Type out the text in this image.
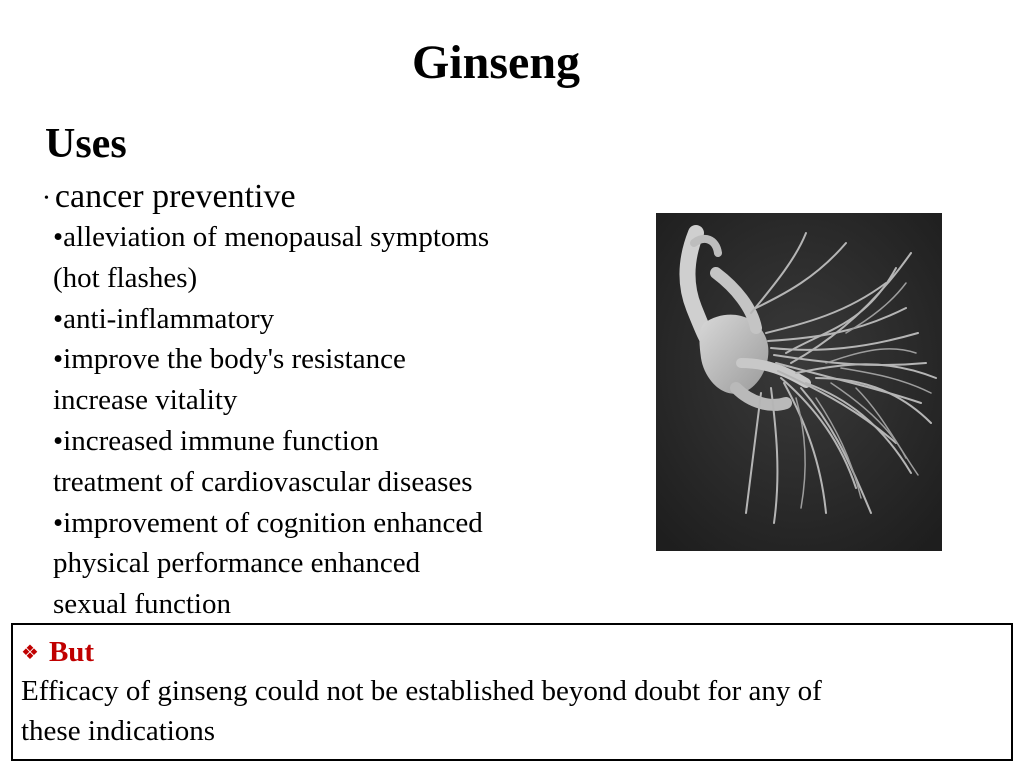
Ginseng
Uses
• cancer preventive
•alleviation of menopausal symptoms
(hot flashes)
•anti-inflammatory
•improve the body's resistance
increase vitality
•increased immune function
treatment of cardiovascular diseases
•improvement of cognition enhanced
physical performance enhanced
sexual function
❖ But
Efficacy of ginseng could not be established beyond doubt for any of
these indications
